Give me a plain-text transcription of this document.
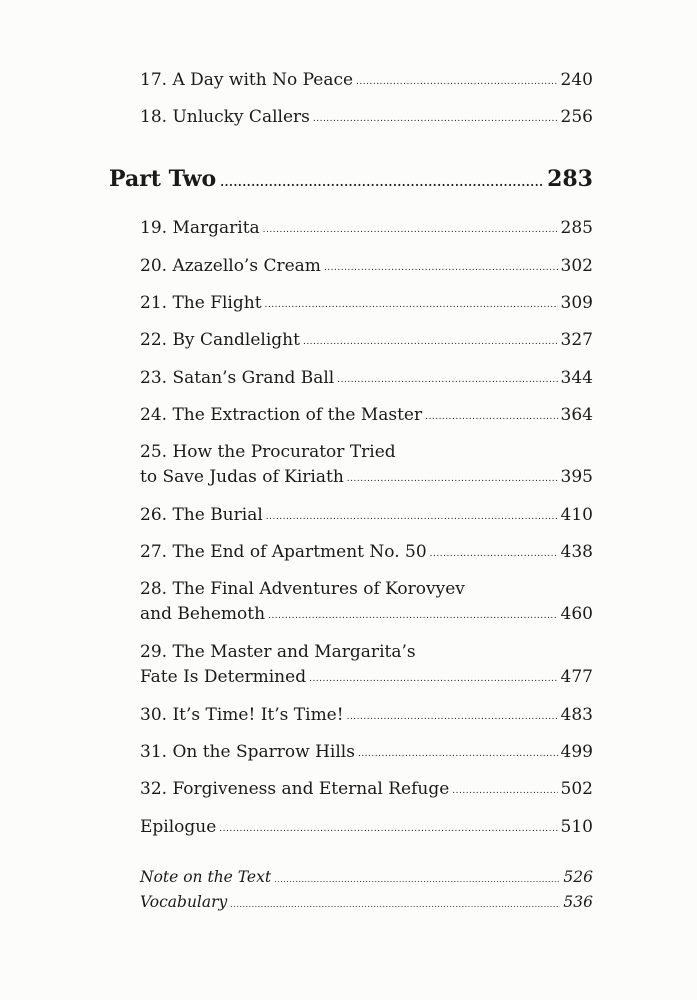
17. A Day with No Peace .....	240
18. Unlucky Callers .....	256
Part Two .....	283
19. Margarita .....	285
20. Azazello’s Cream .....	302
21. The Flight .....	309
22. By Candlelight .....	327
23. Satan’s Grand Ball .....	344
24. The Extraction of the Master .....	364
25. How the Procurator Tried
to Save Judas of Kiriath .....	395
26. The Burial .....	410
27. The End of Apartment No. 50 .....	438
28. The Final Adventures of Korovyev
and Behemoth .....	460
29. The Master and Margarita’s
Fate Is Determined .....	477
30. It’s Time! It’s Time! .....	483
31. On the Sparrow Hills .....	499
32. Forgiveness and Eternal Refuge .....	502
Epilogue .....	510
Note on the Text .....	526
Vocabulary .....	536
